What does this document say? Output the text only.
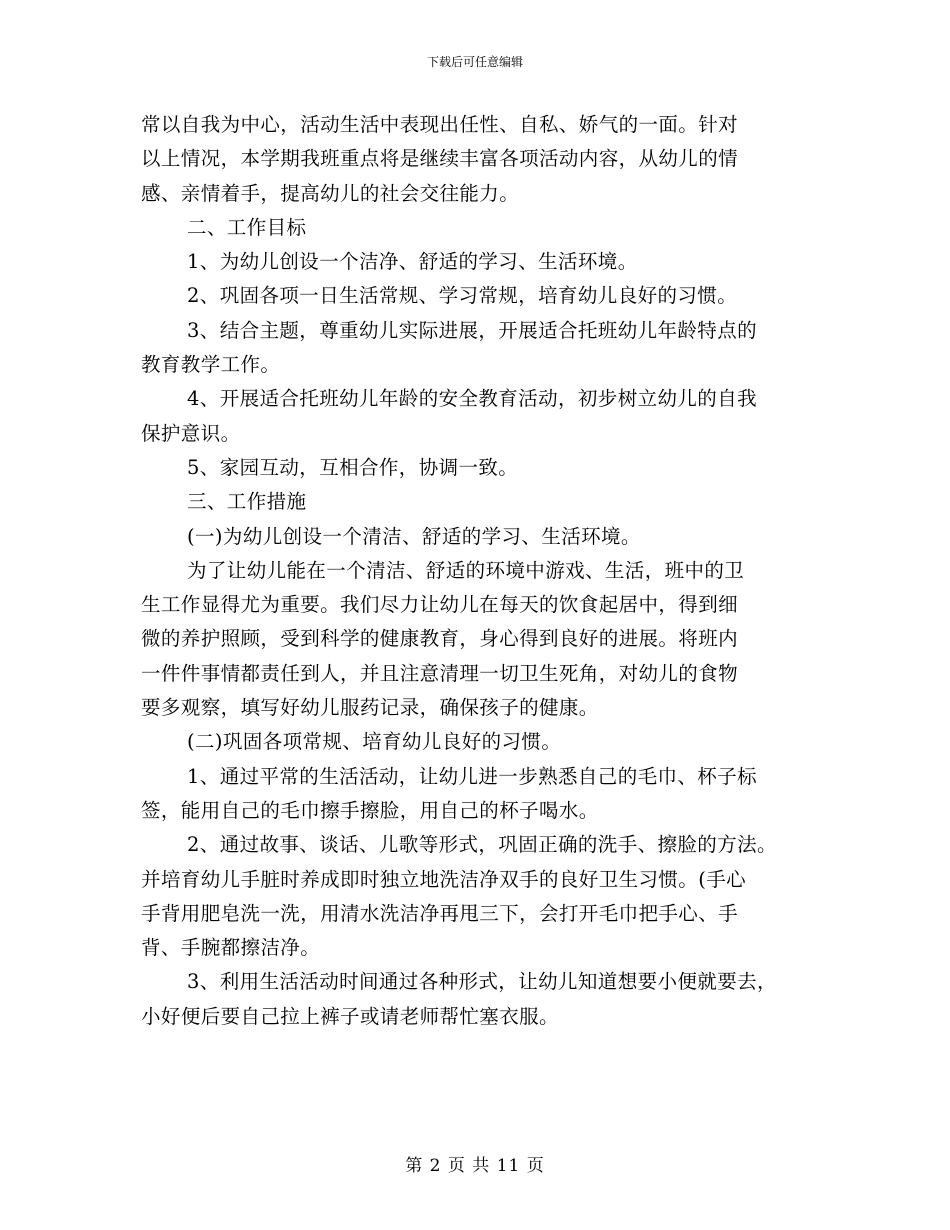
下载后可任意编辑
常以自我为中心，活动生活中表现出任性、自私、娇气的一面。针对
以上情况，本学期我班重点将是继续丰富各项活动内容，从幼儿的情
感、亲情着手，提高幼儿的社会交往能力。
二、工作目标
1、为幼儿创设一个洁净、舒适的学习、生活环境。
2、巩固各项一日生活常规、学习常规，培育幼儿良好的习惯。
3、结合主题，尊重幼儿实际进展，开展适合托班幼儿年龄特点的
教育教学工作。
4、开展适合托班幼儿年龄的安全教育活动，初步树立幼儿的自我
保护意识。
5、家园互动，互相合作，协调一致。
三、工作措施
(一)为幼儿创设一个清洁、舒适的学习、生活环境。
为了让幼儿能在一个清洁、舒适的环境中游戏、生活，班中的卫
生工作显得尤为重要。我们尽力让幼儿在每天的饮食起居中，得到细
微的养护照顾，受到科学的健康教育，身心得到良好的进展。将班内
一件件事情都责任到人，并且注意清理一切卫生死角，对幼儿的食物
要多观察，填写好幼儿服药记录，确保孩子的健康。
(二)巩固各项常规、培育幼儿良好的习惯。
1、通过平常的生活活动，让幼儿进一步熟悉自己的毛巾、杯子标
签，能用自己的毛巾擦手擦脸，用自己的杯子喝水。
2、通过故事、谈话、儿歌等形式，巩固正确的洗手、擦脸的方法。
并培育幼儿手脏时养成即时独立地洗洁净双手的良好卫生习惯。(手心
手背用肥皂洗一洗，用清水洗洁净再甩三下，会打开毛巾把手心、手
背、手腕都擦洁净。
3、利用生活活动时间通过各种形式，让幼儿知道想要小便就要去，
小好便后要自己拉上裤子或请老师帮忙塞衣服。
第 2 页 共 11 页
